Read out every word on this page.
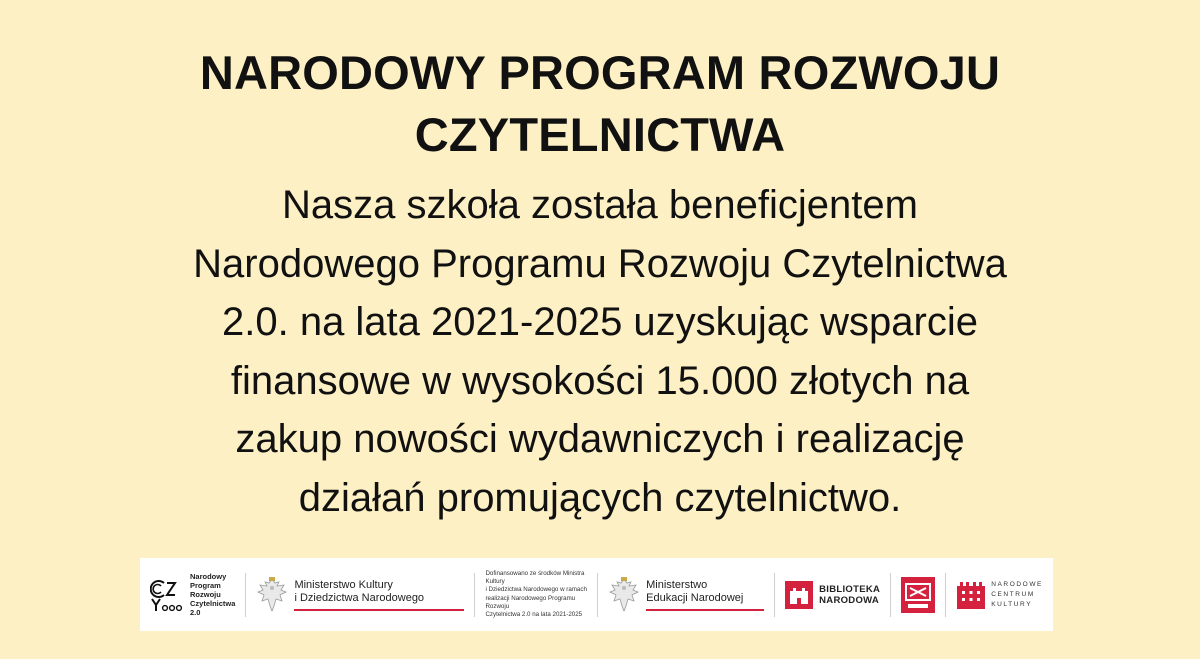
NARODOWY PROGRAM ROZWOJU
CZYTELNICTWA
Nasza szkoła została beneficjentem
Narodowego Programu Rozwoju Czytelnictwa
2.0. na lata 2021-2025 uzyskując wsparcie
finansowe w wysokości 15.000 złotych na
zakup nowości wydawniczych i realizację
działań promujących czytelnictwo.
Narodowy
Program
Rozwoju
Czytelnictwa
2.0
Ministerstwo Kultury
i Dziedzictwa Narodowego
Dofinansowano ze środków Ministra Kultury
i Dziedzictwa Narodowego w ramach
realizacji Narodowego Programu Rozwoju
Czytelnictwa 2.0 na lata 2021-2025
Ministerstwo
Edukacji Narodowej
BIBLIOTEKA
NARODOWA
NARODOWE
CENTRUM
KULTURY
